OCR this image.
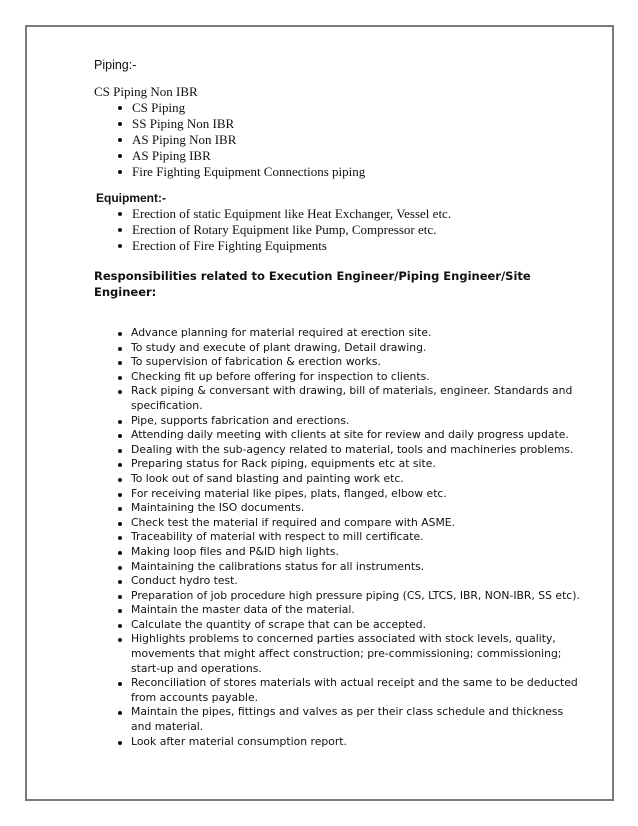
Piping:-
CS Piping Non IBR
CS Piping
SS Piping Non IBR
AS Piping Non IBR
AS Piping IBR
Fire Fighting Equipment Connections piping
Equipment:-
Erection of static Equipment like Heat Exchanger, Vessel etc.
Erection of Rotary Equipment like Pump, Compressor etc.
Erection of Fire Fighting Equipments
Responsibilities related to Execution Engineer/Piping Engineer/Site Engineer:
Advance planning for material required at erection site.
To study and execute of plant drawing, Detail drawing.
To supervision of fabrication & erection works.
Checking fit up before offering for inspection to clients.
Rack piping & conversant with drawing, bill of materials, engineer. Standards and specification.
Pipe, supports fabrication and erections.
Attending daily meeting with clients at site for review and daily progress update.
Dealing with the sub-agency related to material, tools and machineries problems.
Preparing status for Rack piping, equipments etc at site.
To look out of sand blasting and painting work etc.
For receiving material like pipes, plats, flanged, elbow etc.
Maintaining the ISO documents.
Check test the material if required and compare with ASME.
Traceability of material with respect to mill certificate.
Making loop files and P&ID high lights.
Maintaining the calibrations status for all instruments.
Conduct hydro test.
Preparation of job procedure high pressure piping (CS, LTCS, IBR, NON-IBR, SS etc).
Maintain the master data of the material.
Calculate the quantity of scrape that can be accepted.
Highlights problems to concerned parties associated with stock levels, quality, movements that might affect construction; pre-commissioning; commissioning; start-up and operations.
Reconciliation of stores materials with actual receipt and the same to be deducted from accounts payable.
Maintain the pipes, fittings and valves as per their class schedule and thickness and material.
Look after material consumption report.
